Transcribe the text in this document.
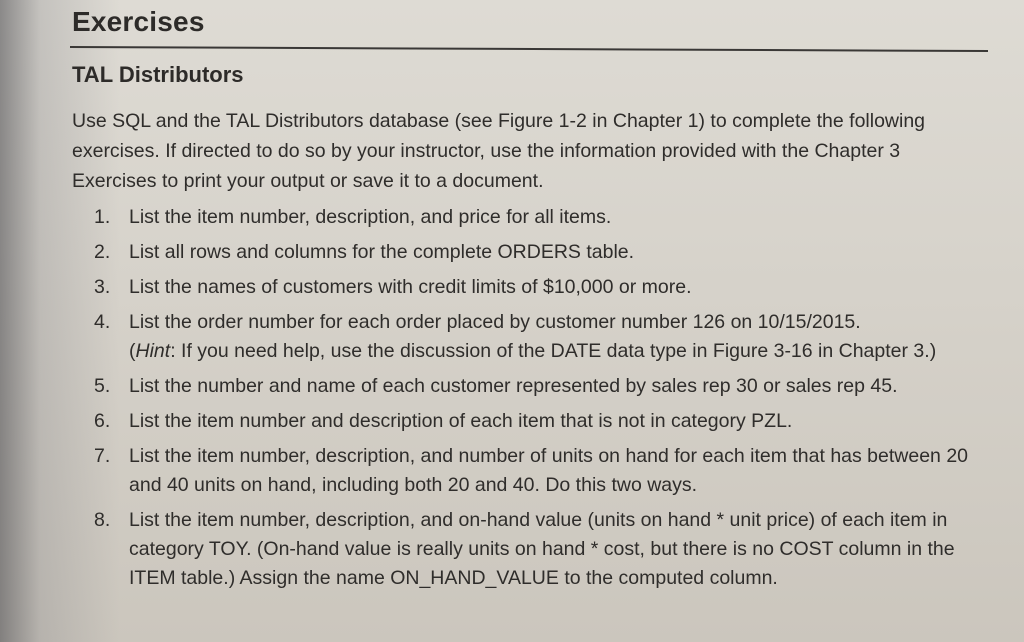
Exercises
TAL Distributors

Use SQL and the TAL Distributors database (see Figure 1-2 in Chapter 1) to complete the following exercises. If directed to do so by your instructor, use the information provided with the Chapter 3 Exercises to print your output or save it to a document.

1. List the item number, description, and price for all items.
2. List all rows and columns for the complete ORDERS table.
3. List the names of customers with credit limits of $10,000 or more.
4. List the order number for each order placed by customer number 126 on 10/15/2015.
(Hint: If you need help, use the discussion of the DATE data type in Figure 3-16 in Chapter 3.)
5. List the number and name of each customer represented by sales rep 30 or sales rep 45.
6. List the item number and description of each item that is not in category PZL.
7. List the item number, description, and number of units on hand for each item that has between 20 and 40 units on hand, including both 20 and 40. Do this two ways.
8. List the item number, description, and on-hand value (units on hand * unit price) of each item in category TOY. (On-hand value is really units on hand * cost, but there is no COST column in the ITEM table.) Assign the name ON_HAND_VALUE to the computed column.
